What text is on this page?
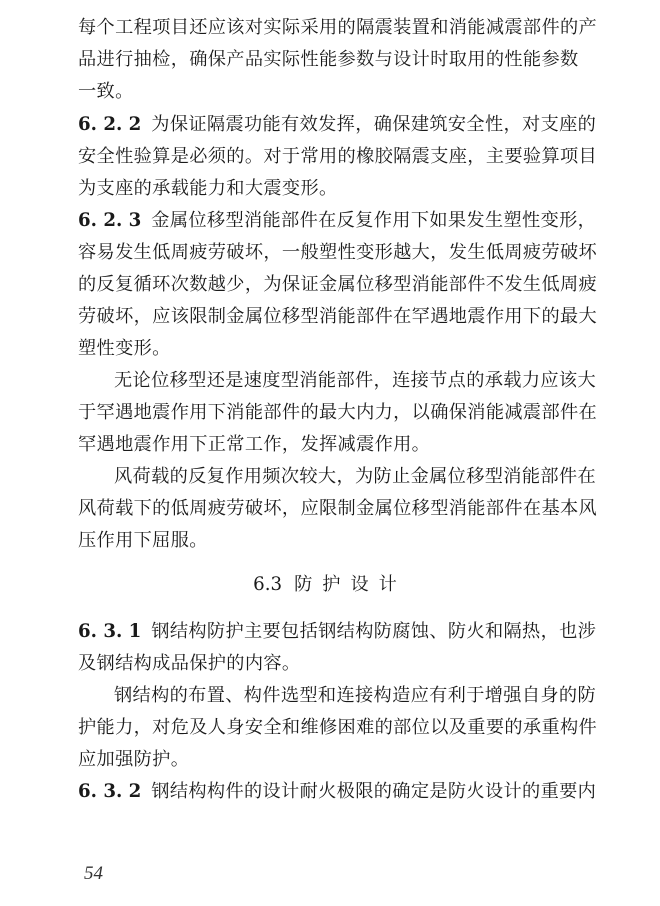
每个工程项目还应该对实际采用的隔震装置和消能减震部件的产
品进行抽检，确保产品实际性能参数与设计时取用的性能参数
一致。
6. 2. 2 为保证隔震功能有效发挥，确保建筑安全性，对支座的
安全性验算是必须的。对于常用的橡胶隔震支座，主要验算项目
为支座的承载能力和大震变形。
6. 2. 3 金属位移型消能部件在反复作用下如果发生塑性变形，
容易发生低周疲劳破坏，一般塑性变形越大，发生低周疲劳破坏
的反复循环次数越少，为保证金属位移型消能部件不发生低周疲
劳破坏，应该限制金属位移型消能部件在罕遇地震作用下的最大
塑性变形。
无论位移型还是速度型消能部件，连接节点的承载力应该大
于罕遇地震作用下消能部件的最大内力，以确保消能减震部件在
罕遇地震作用下正常工作，发挥减震作用。
风荷载的反复作用频次较大，为防止金属位移型消能部件在
风荷载下的低周疲劳破坏，应限制金属位移型消能部件在基本风
压作用下屈服。
6.3 防护设计
6. 3. 1 钢结构防护主要包括钢结构防腐蚀、防火和隔热，也涉
及钢结构成品保护的内容。
钢结构的布置、构件选型和连接构造应有利于增强自身的防
护能力，对危及人身安全和维修困难的部位以及重要的承重构件
应加强防护。
6. 3. 2 钢结构构件的设计耐火极限的确定是防火设计的重要内
54
